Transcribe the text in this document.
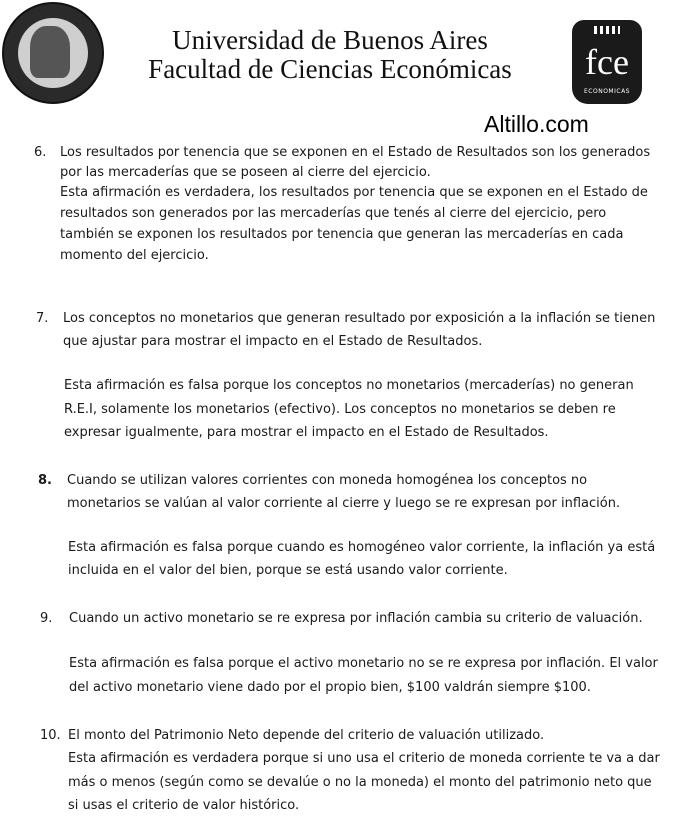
Universidad de Buenos Aires
Facultad de Ciencias Económicas	fce
ECONOMICAS
Altillo.com
6. Los resultados por tenencia que se exponen en el Estado de Resultados son los generados
por las mercaderías que se poseen al cierre del ejercicio.
Esta afirmación es verdadera, los resultados por tenencia que se exponen en el Estado de
resultados son generados por las mercaderías que tenés al cierre del ejercicio, pero
también se exponen los resultados por tenencia que generan las mercaderías en cada
momento del ejercicio.
7. Los conceptos no monetarios que generan resultado por exposición a la inflación se tienen
que ajustar para mostrar el impacto en el Estado de Resultados.
Esta afirmación es falsa porque los conceptos no monetarios (mercaderías) no generan
R.E.I, solamente los monetarios (efectivo). Los conceptos no monetarios se deben re
expresar igualmente, para mostrar el impacto en el Estado de Resultados.
8. Cuando se utilizan valores corrientes con moneda homogénea los conceptos no
monetarios se valúan al valor corriente al cierre y luego se re expresan por inflación.
Esta afirmación es falsa porque cuando es homogéneo valor corriente, la inflación ya está
incluida en el valor del bien, porque se está usando valor corriente.
9. Cuando un activo monetario se re expresa por inflación cambia su criterio de valuación.
Esta afirmación es falsa porque el activo monetario no se re expresa por inflación. El valor
del activo monetario viene dado por el propio bien, $100 valdrán siempre $100.
10. El monto del Patrimonio Neto depende del criterio de valuación utilizado.
Esta afirmación es verdadera porque si uno usa el criterio de moneda corriente te va a dar
más o menos (según como se devalúe o no la moneda) el monto del patrimonio neto que
si usas el criterio de valor histórico.
